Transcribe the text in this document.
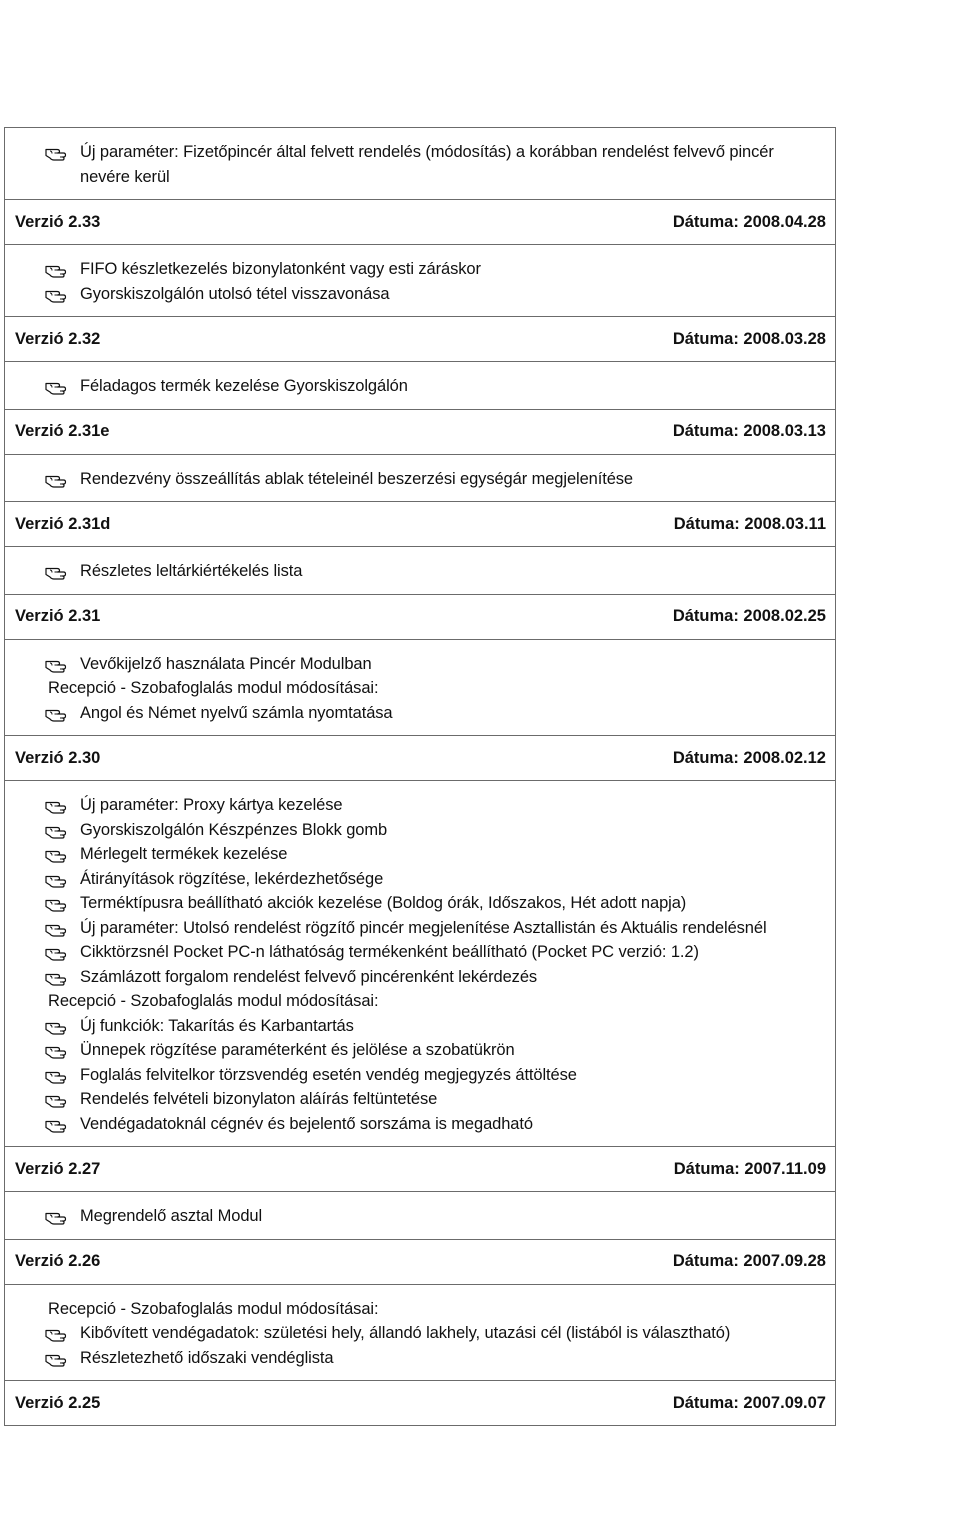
Új paraméter: Fizetőpincér által felvett rendelés (módosítás) a korábban rendelést felvevő pincér nevére kerül

Verzió 2.33	Dátuma: 2008.04.28

FIFO készletkezelés bizonylatonként vagy esti záráskor
Gyorskiszolgálón utolsó tétel visszavonása

Verzió 2.32	Dátuma: 2008.03.28

Féladagos termék kezelése Gyorskiszolgálón

Verzió 2.31e	Dátuma: 2008.03.13

Rendezvény összeállítás ablak tételeinél beszerzési egységár megjelenítése

Verzió 2.31d	Dátuma: 2008.03.11

Részletes leltárkiértékelés lista

Verzió 2.31	Dátuma: 2008.02.25

Vevőkijelző használata Pincér Modulban
Recepció - Szobafoglalás modul módosításai:
Angol és Német nyelvű számla nyomtatása

Verzió 2.30	Dátuma: 2008.02.12

Új paraméter: Proxy kártya kezelése
Gyorskiszolgálón Készpénzes Blokk gomb
Mérlegelt termékek kezelése
Átirányítások rögzítése, lekérdezhetősége
Terméktípusra beállítható akciók kezelése (Boldog órák, Időszakos, Hét adott napja)
Új paraméter: Utolsó rendelést rögzítő pincér megjelenítése Asztallistán és Aktuális rendelésnél
Cikktörzsnél Pocket PC-n láthatóság termékenként beállítható (Pocket PC verzió: 1.2)
Számlázott forgalom rendelést felvevő pincérenként lekérdezés
Recepció - Szobafoglalás modul módosításai:
Új funkciók: Takarítás és Karbantartás
Ünnepek rögzítése paraméterként és jelölése a szobatükrön
Foglalás felvitelkor törzsvendég esetén vendég megjegyzés áttöltése
Rendelés felvételi bizonylaton aláírás feltüntetése
Vendégadatoknál cégnév és bejelentő sorszáma is megadható

Verzió 2.27	Dátuma: 2007.11.09

Megrendelő asztal Modul

Verzió 2.26	Dátuma: 2007.09.28

Recepció - Szobafoglalás modul módosításai:
Kibővített vendégadatok: születési hely, állandó lakhely, utazási cél (listából is választható)
Részletezhető időszaki vendéglista

Verzió 2.25	Dátuma: 2007.09.07
